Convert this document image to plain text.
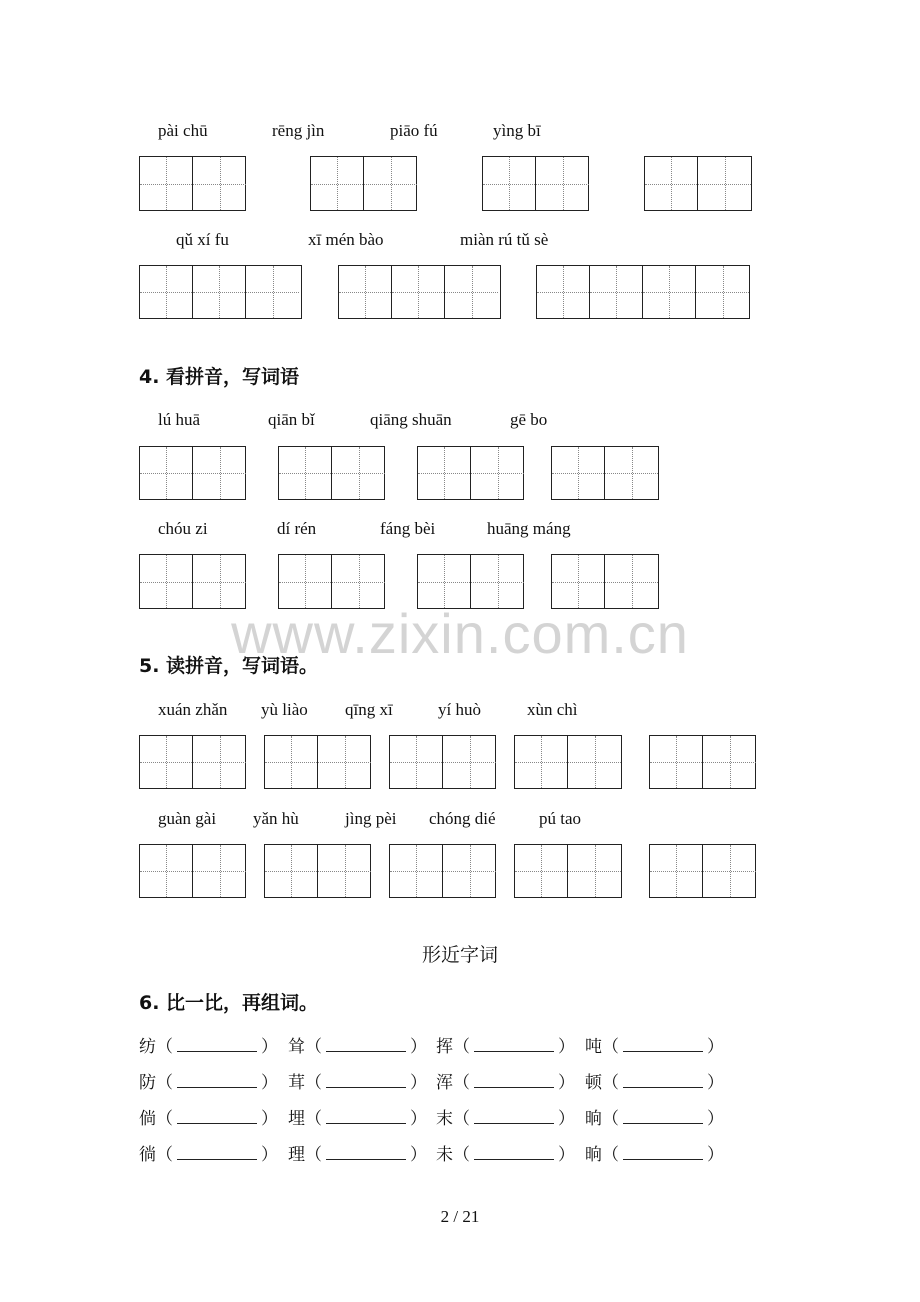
pài chū	rēng jìn	piāo fú	yìng bī
qǔ xí fu	xī mén bào	miàn rú tǔ sè
4. 看拼音，写词语
lú huā	qiān bǐ	qiāng shuān	gē bo
chóu zi	dí rén	fáng bèi	huāng máng
www.zixin.com.cn
5. 读拼音，写词语。
xuán zhǎn yù liào qīng xī	yí huò	xùn chì
guàn gài yǎn hù	jìng pèi chóng dié	pú tao
形近字词
6. 比一比，再组词。
纺（	） 耸（	） 挥（	） 吨（	）
防（	） 茸（	） 浑（	） 顿（	）
倘（	） 埋（	） 末（	） 晌（	）
徜（	） 理（	） 未（	） 晌（	）
2 / 21
